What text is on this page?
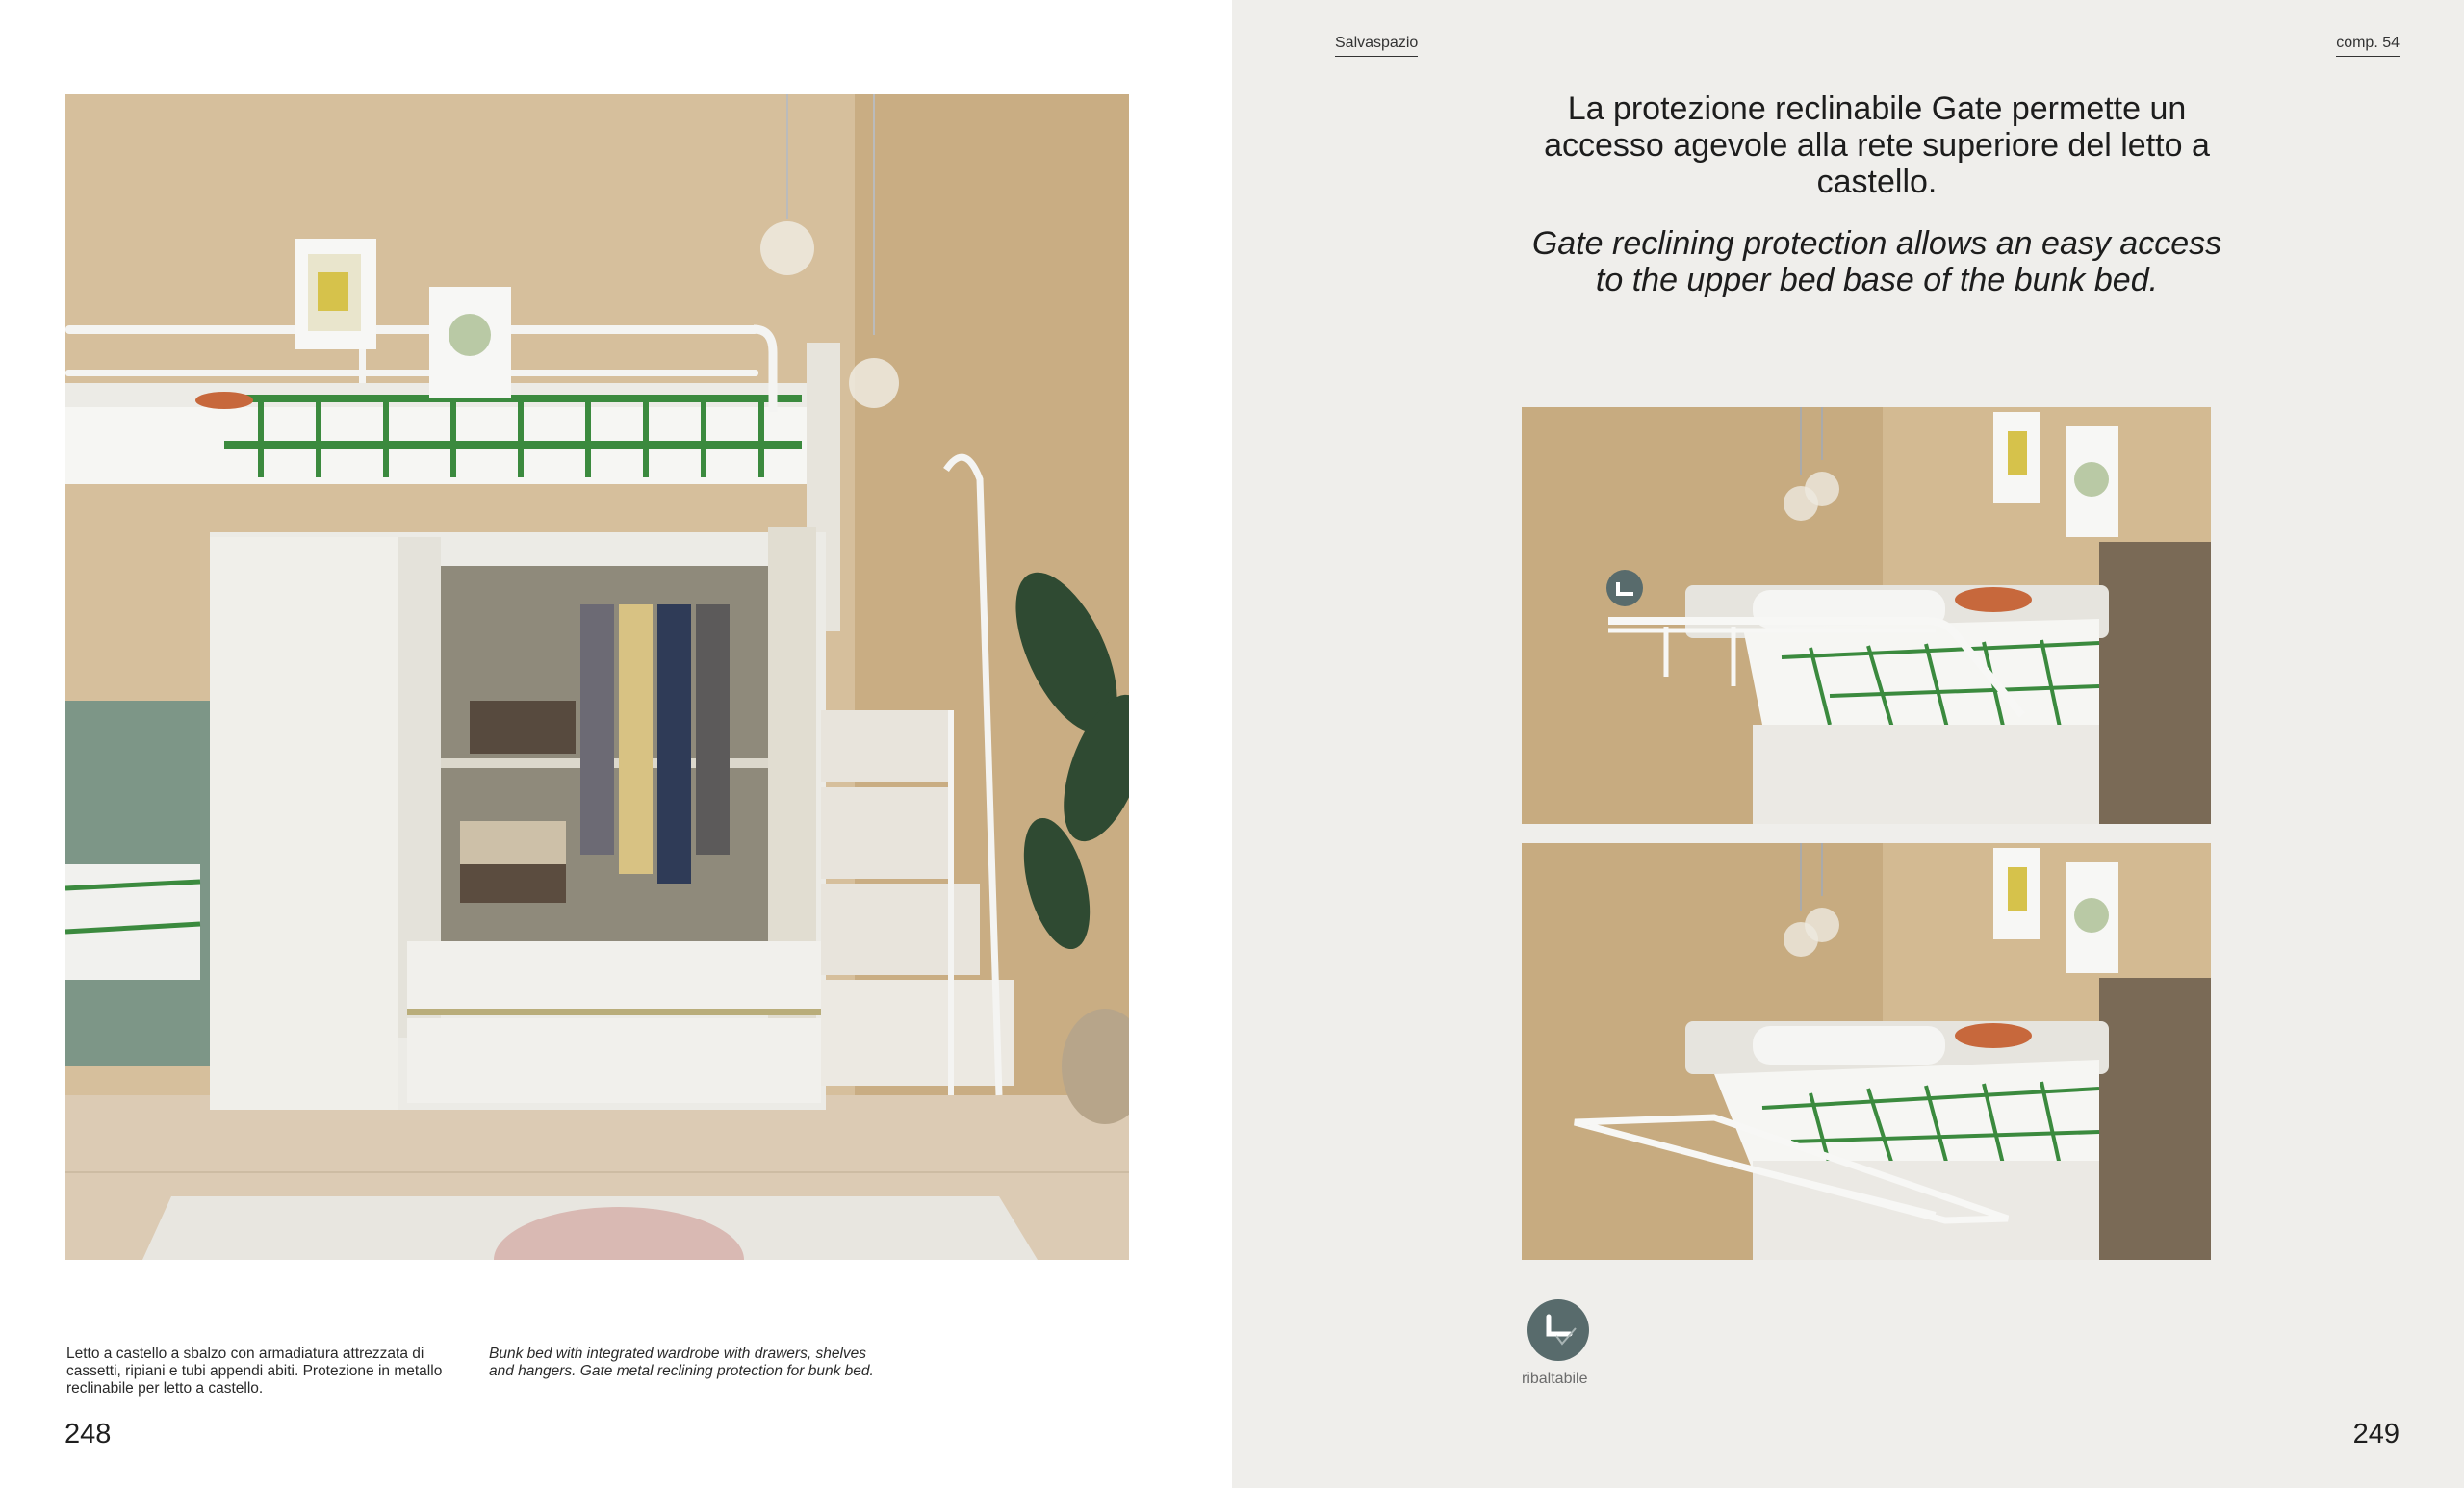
Letto a castello a sbalzo con armadiatura attrezzata di cassetti, ripiani e tubi appendi abiti. Protezione in metallo reclinabile per letto a castello.
Bunk bed with integrated wardrobe with drawers, shelves and hangers. Gate metal reclining protection for bunk bed.
248
Salvaspazio	comp. 54
La protezione reclinabile Gate permette un accesso agevole alla rete superiore del letto a castello.
Gate reclining protection allows an easy access to the upper bed base of the bunk bed.
ribaltabile
249
